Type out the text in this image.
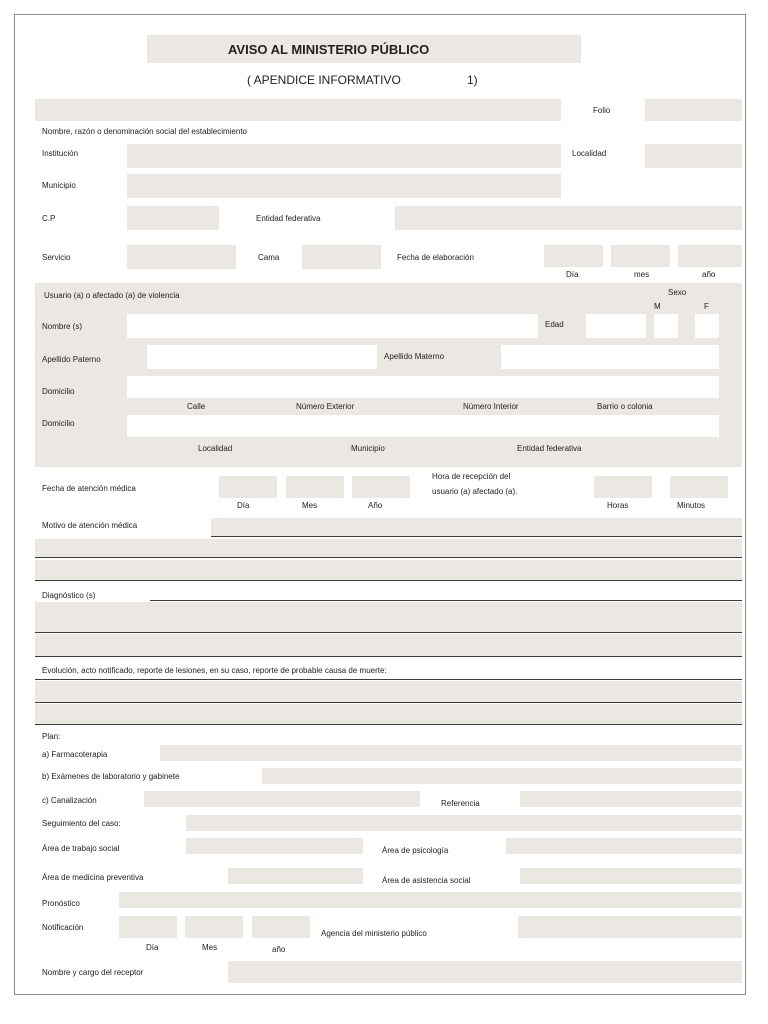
AVISO AL MINISTERIO PÚBLICO
( APENDICE INFORMATIVO	1)
Folio
Nombre, razón o denominación social del establecimiento
Institución	Localidad
Municipio
C.P	Entidad federativa
Servicio	Cama	Fecha de elaboración
Día	mes	año
Usuario (a) o afectado (a) de violencia	Sexo
M	F
Nombre (s)	Edad
Apellido Paterno	Apellido Materno
Domicilio
Calle	Número Exterior	Número Interior	Barrio o colonia
Domicilio
Localidad	Municipio	Entidad federativa
Fecha de atención médica
Día	Mes	Año
Hora de recepción del
usuario (a) afectado (a).
Horas	Minutos
Motivo de atención médica
Diagnóstico (s)
Evolución, acto notificado, reporte de lesiones, en su caso, reporte de probable causa de muerte:
Plan:
a) Farmacoterapia
b) Exámenes de laboratorio y gabinete
c) Canalización	Referencia
Seguimiento del caso:
Área de trabajo social	Área de psicología
Área de medicina preventiva	Área de asistencia social
Pronóstico
Notificación
Día	Mes	año
Agencia del ministerio público
Nombre y cargo del receptor
